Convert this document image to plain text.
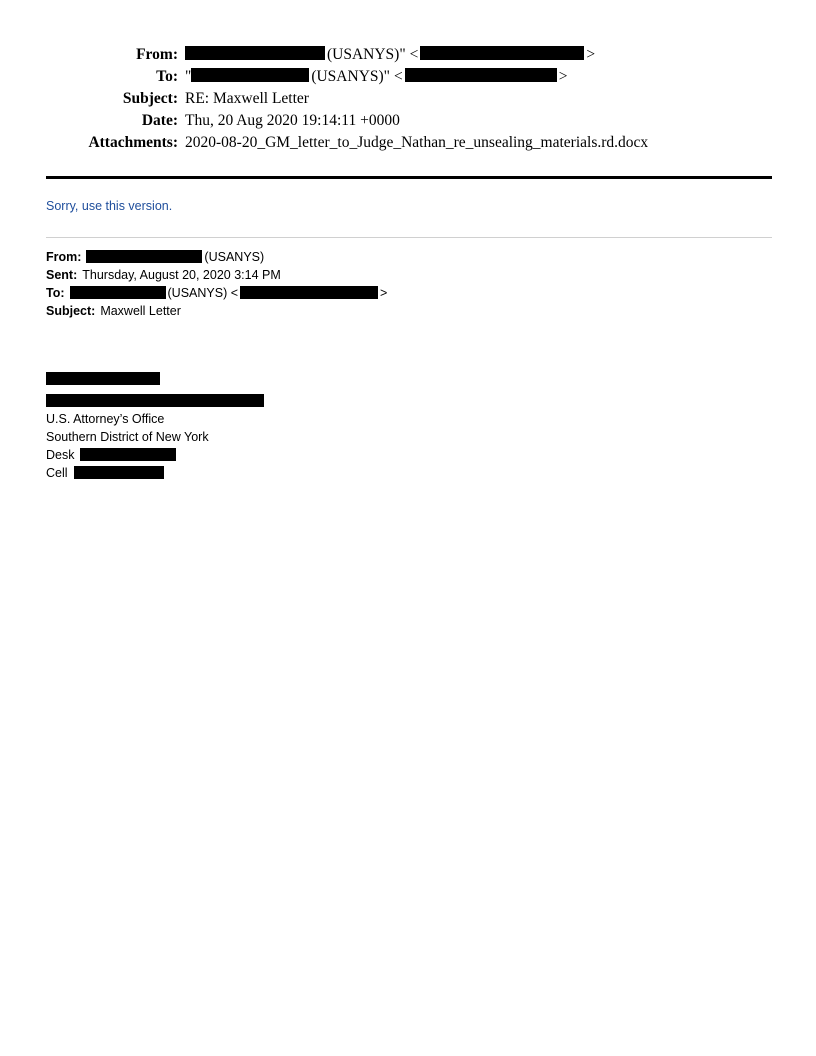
From:	(USANYS)" <	>
To: "	(USANYS)" <	>
Subject: RE: Maxwell Letter
Date: Thu, 20 Aug 2020 19:14:11 +0000
Attachments: 2020-08-20_GM_letter_to_Judge_Nathan_re_unsealing_materials.rd.docx
Sorry, use this version.
From:	(USANYS)
Sent: Thursday, August 20, 2020 3:14 PM
To:	(USANYS) <	>
Subject: Maxwell Letter
U.S. Attorney’s Office
Southern District of New York
Desk
Cell
